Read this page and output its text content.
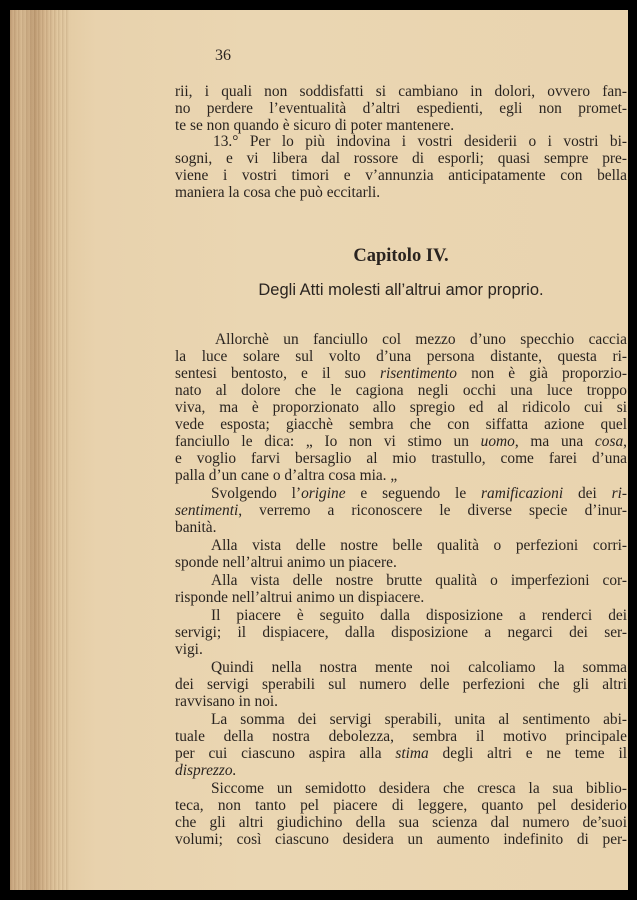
36
rii, i quali non soddisfatti si cambiano in dolori, ovvero fan-
no perdere l’eventualità d’altri espedienti, egli non promet-
te se non quando è sicuro di poter mantenere.
13.° Per lo più indovina i vostri desiderii o i vostri bi-
sogni, e vi libera dal rossore di esporli; quasi sempre pre-
viene i vostri timori e v’annunzia anticipatamente con bella
maniera la cosa che può eccitarli.
Capitolo IV.
Degli Atti molesti all’altrui amor proprio.
Allorchè un fanciullo col mezzo d’uno specchio caccia
la luce solare sul volto d’una persona distante, questa ri-
sentesi bentosto, e il suo risentimento non è già proporzio-
nato al dolore che le cagiona negli occhi una luce troppo
viva, ma è proporzionato allo spregio ed al ridicolo cui si
vede esposta; giacchè sembra che con siffatta azione quel
fanciullo le dica: „ Io non vi stimo un uomo, ma una cosa,
e voglio farvi bersaglio al mio trastullo, come farei d’una
palla d’un cane o d’altra cosa mia. „
Svolgendo l’origine e seguendo le ramificazioni dei ri-
sentimenti, verremo a riconoscere le diverse specie d’inur-
banità.
Alla vista delle nostre belle qualità o perfezioni corri-
sponde nell’altrui animo un piacere.
Alla vista delle nostre brutte qualità o imperfezioni cor-
risponde nell’altrui animo un dispiacere.
Il piacere è seguito dalla disposizione a renderci dei
servigi; il dispiacere, dalla disposizione a negarci dei ser-
vigi.
Quindi nella nostra mente noi calcoliamo la somma
dei servigi sperabili sul numero delle perfezioni che gli altri
ravvisano in noi.
La somma dei servigi sperabili, unita al sentimento abi-
tuale della nostra debolezza, sembra il motivo principale
per cui ciascuno aspira alla stima degli altri e ne teme il
disprezzo.
Siccome un semidotto desidera che cresca la sua biblio-
teca, non tanto pel piacere di leggere, quanto pel desiderio
che gli altri giudichino della sua scienza dal numero de’suoi
volumi; così ciascuno desidera un aumento indefinito di per-
